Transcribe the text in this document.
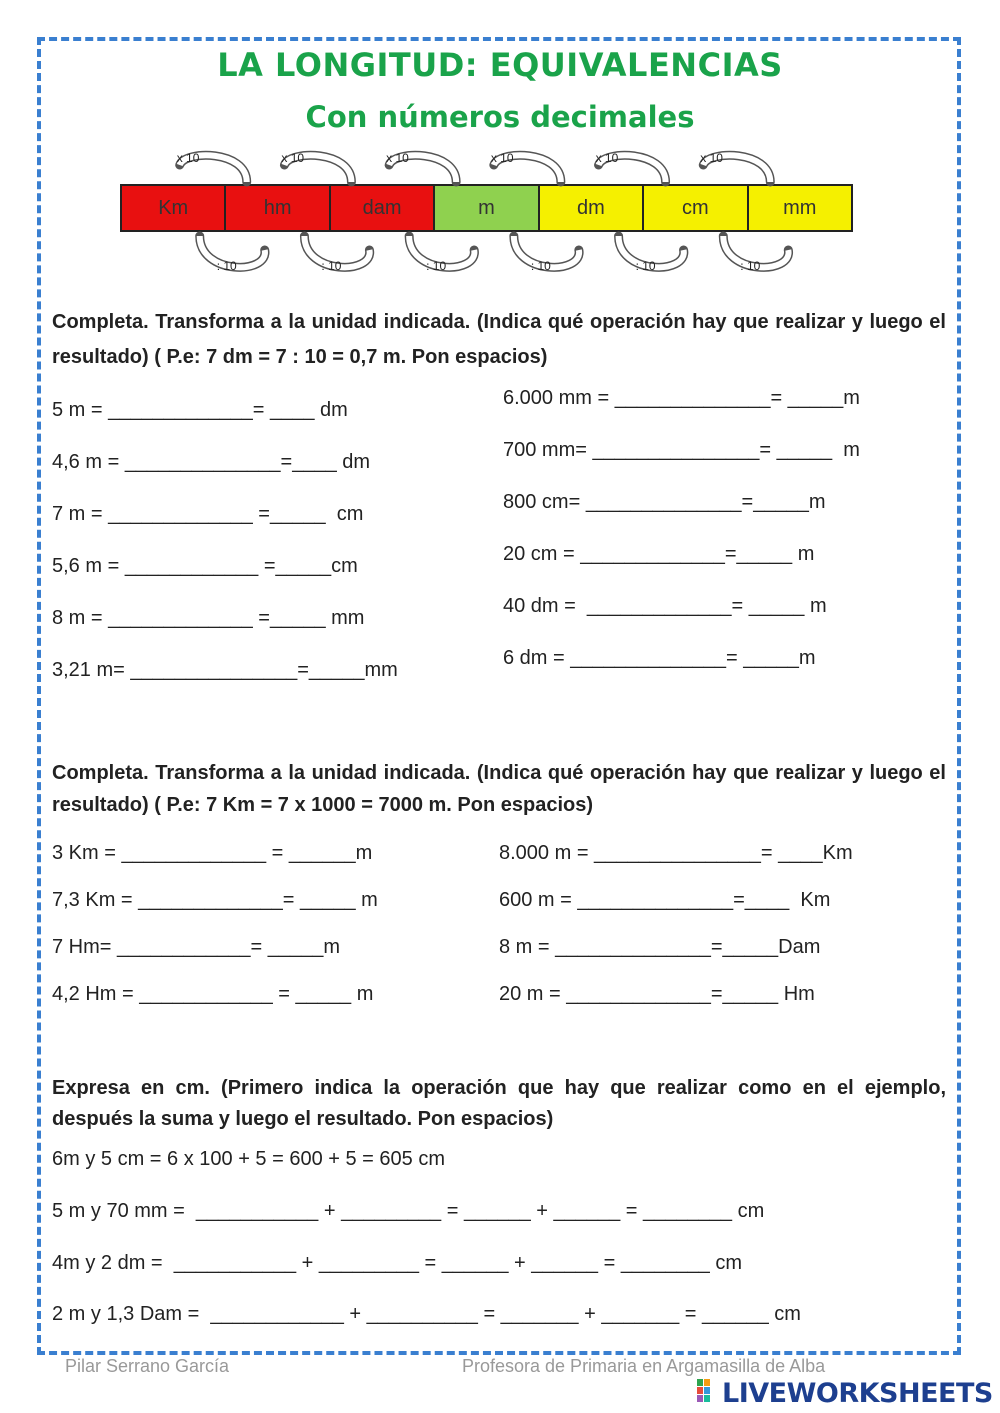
LA LONGITUD: EQUIVALENCIAS
Con números decimales
Km	hm	dam	m	dm	cm	mm
x 10
: 10
x 10
: 10
x 10
: 10
x 10
: 10
x 10
: 10
x 10
: 10
Completa. Transforma a la unidad indicada. (Indica qué operación hay que realizar y luego el resultado) ( P.e: 7 dm = 7 : 10 = 0,7 m. Pon espacios)
5 m = _____________= ____ dm
4,6 m = ______________=____ dm
7 m = _____________ =_____  cm
5,6 m = ____________ =_____cm
8 m = _____________ =_____ mm
3,21 m= _______________=_____mm
6.000 mm = ______________= _____m
700 mm= _______________= _____  m
800 cm= ______________=_____m
20 cm = _____________=_____ m
40 dm =  _____________= _____ m
6 dm = ______________= _____m
Completa. Transforma a la unidad indicada. (Indica qué operación hay que realizar y luego el resultado) ( P.e: 7 Km = 7 x 1000 = 7000 m. Pon espacios)
3 Km = _____________ = ______m
7,3 Km = _____________= _____ m
7 Hm= ____________= _____m
4,2 Hm = ____________ = _____ m
8.000 m = _______________= ____Km
600 m = ______________=____  Km
8 m = ______________=_____Dam
20 m = _____________=_____ Hm
Expresa en cm. (Primero indica la operación que hay que realizar como en el ejemplo, después la suma y luego el resultado. Pon espacios)
6m y 5 cm = 6 x 100 + 5 = 600 + 5 = 605 cm
5 m y 70 mm =  ___________ + _________ = ______ + ______ = ________ cm
4m y 2 dm =  ___________ + _________ = ______ + ______ = ________ cm
2 m y 1,3 Dam =  ____________ + __________ = _______ + _______ = ______ cm
Pilar Serrano García	Profesora de Primaria en Argamasilla de Alba
LIVEWORKSHEETS
